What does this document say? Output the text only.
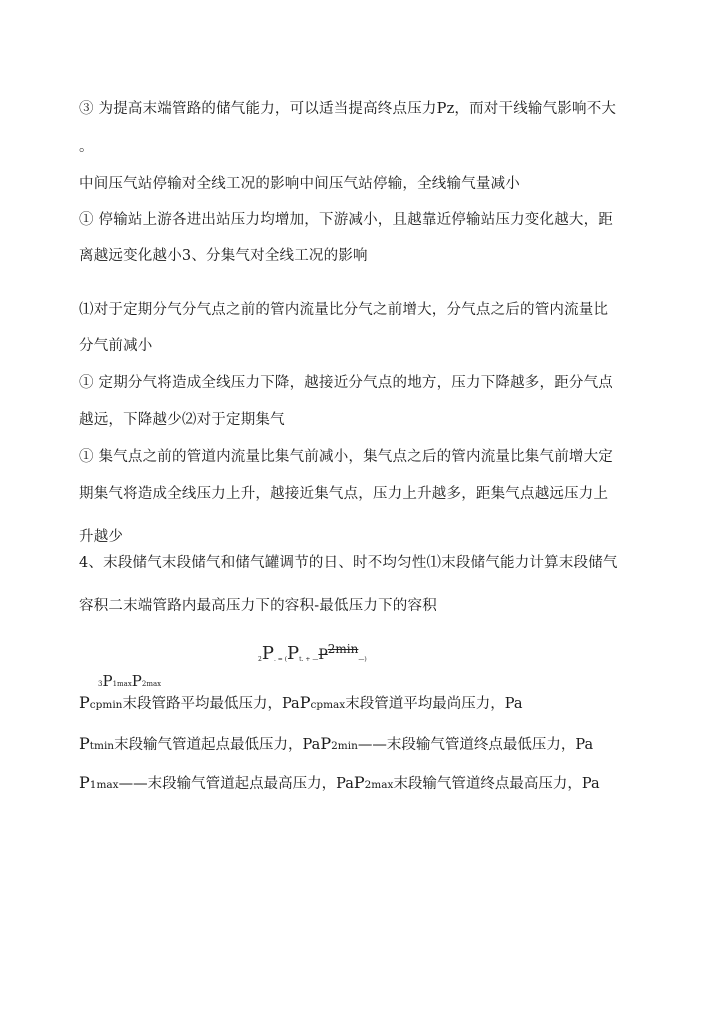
③ 为提高末端管路的储气能力，可以适当提高终点压力Pz，而对干线输气影响不大
。
中间压气站停输对全线工况的影响中间压气站停输，全线输气量减小
① 停输站上游各进出站压力均增加，下游减小，且越靠近停输站压力变化越大，距
离越远变化越小3、分集气对全线工况的影响
⑴对于定期分气分气点之前的管内流量比分气之前增大，分气点之后的管内流量比
分气前减小
① 定期分气将造成全线压力下降，越接近分气点的地方，压力下降越多，距分气点
越远，下降越少⑵对于定期集气
① 集气点之前的管道内流量比集气前减小，集气点之后的管内流量比集气前增大定
期集气将造成全线压力上升，越接近集气点，压力上升越多，距集气点越远压力上
升越少
4、末段储气末段储气和储气罐调节的日、时不均匀性⑴末段储气能力计算末段储气
容积二末端管路内最高压力下的容积-最低压力下的容积
2P. = (Pt. + $—P^{2min}—$)
3P1maxP2max
Pcpmin末段管路平均最低压力，PaPcpmax末段管道平均最尚压力，Pa
Ptmin末段输气管道起点最低压力，PaP2min——末段输气管道终点最低压力，Pa
P1max——末段输气管道起点最高压力，PaP2max末段输气管道终点最高压力，Pa
